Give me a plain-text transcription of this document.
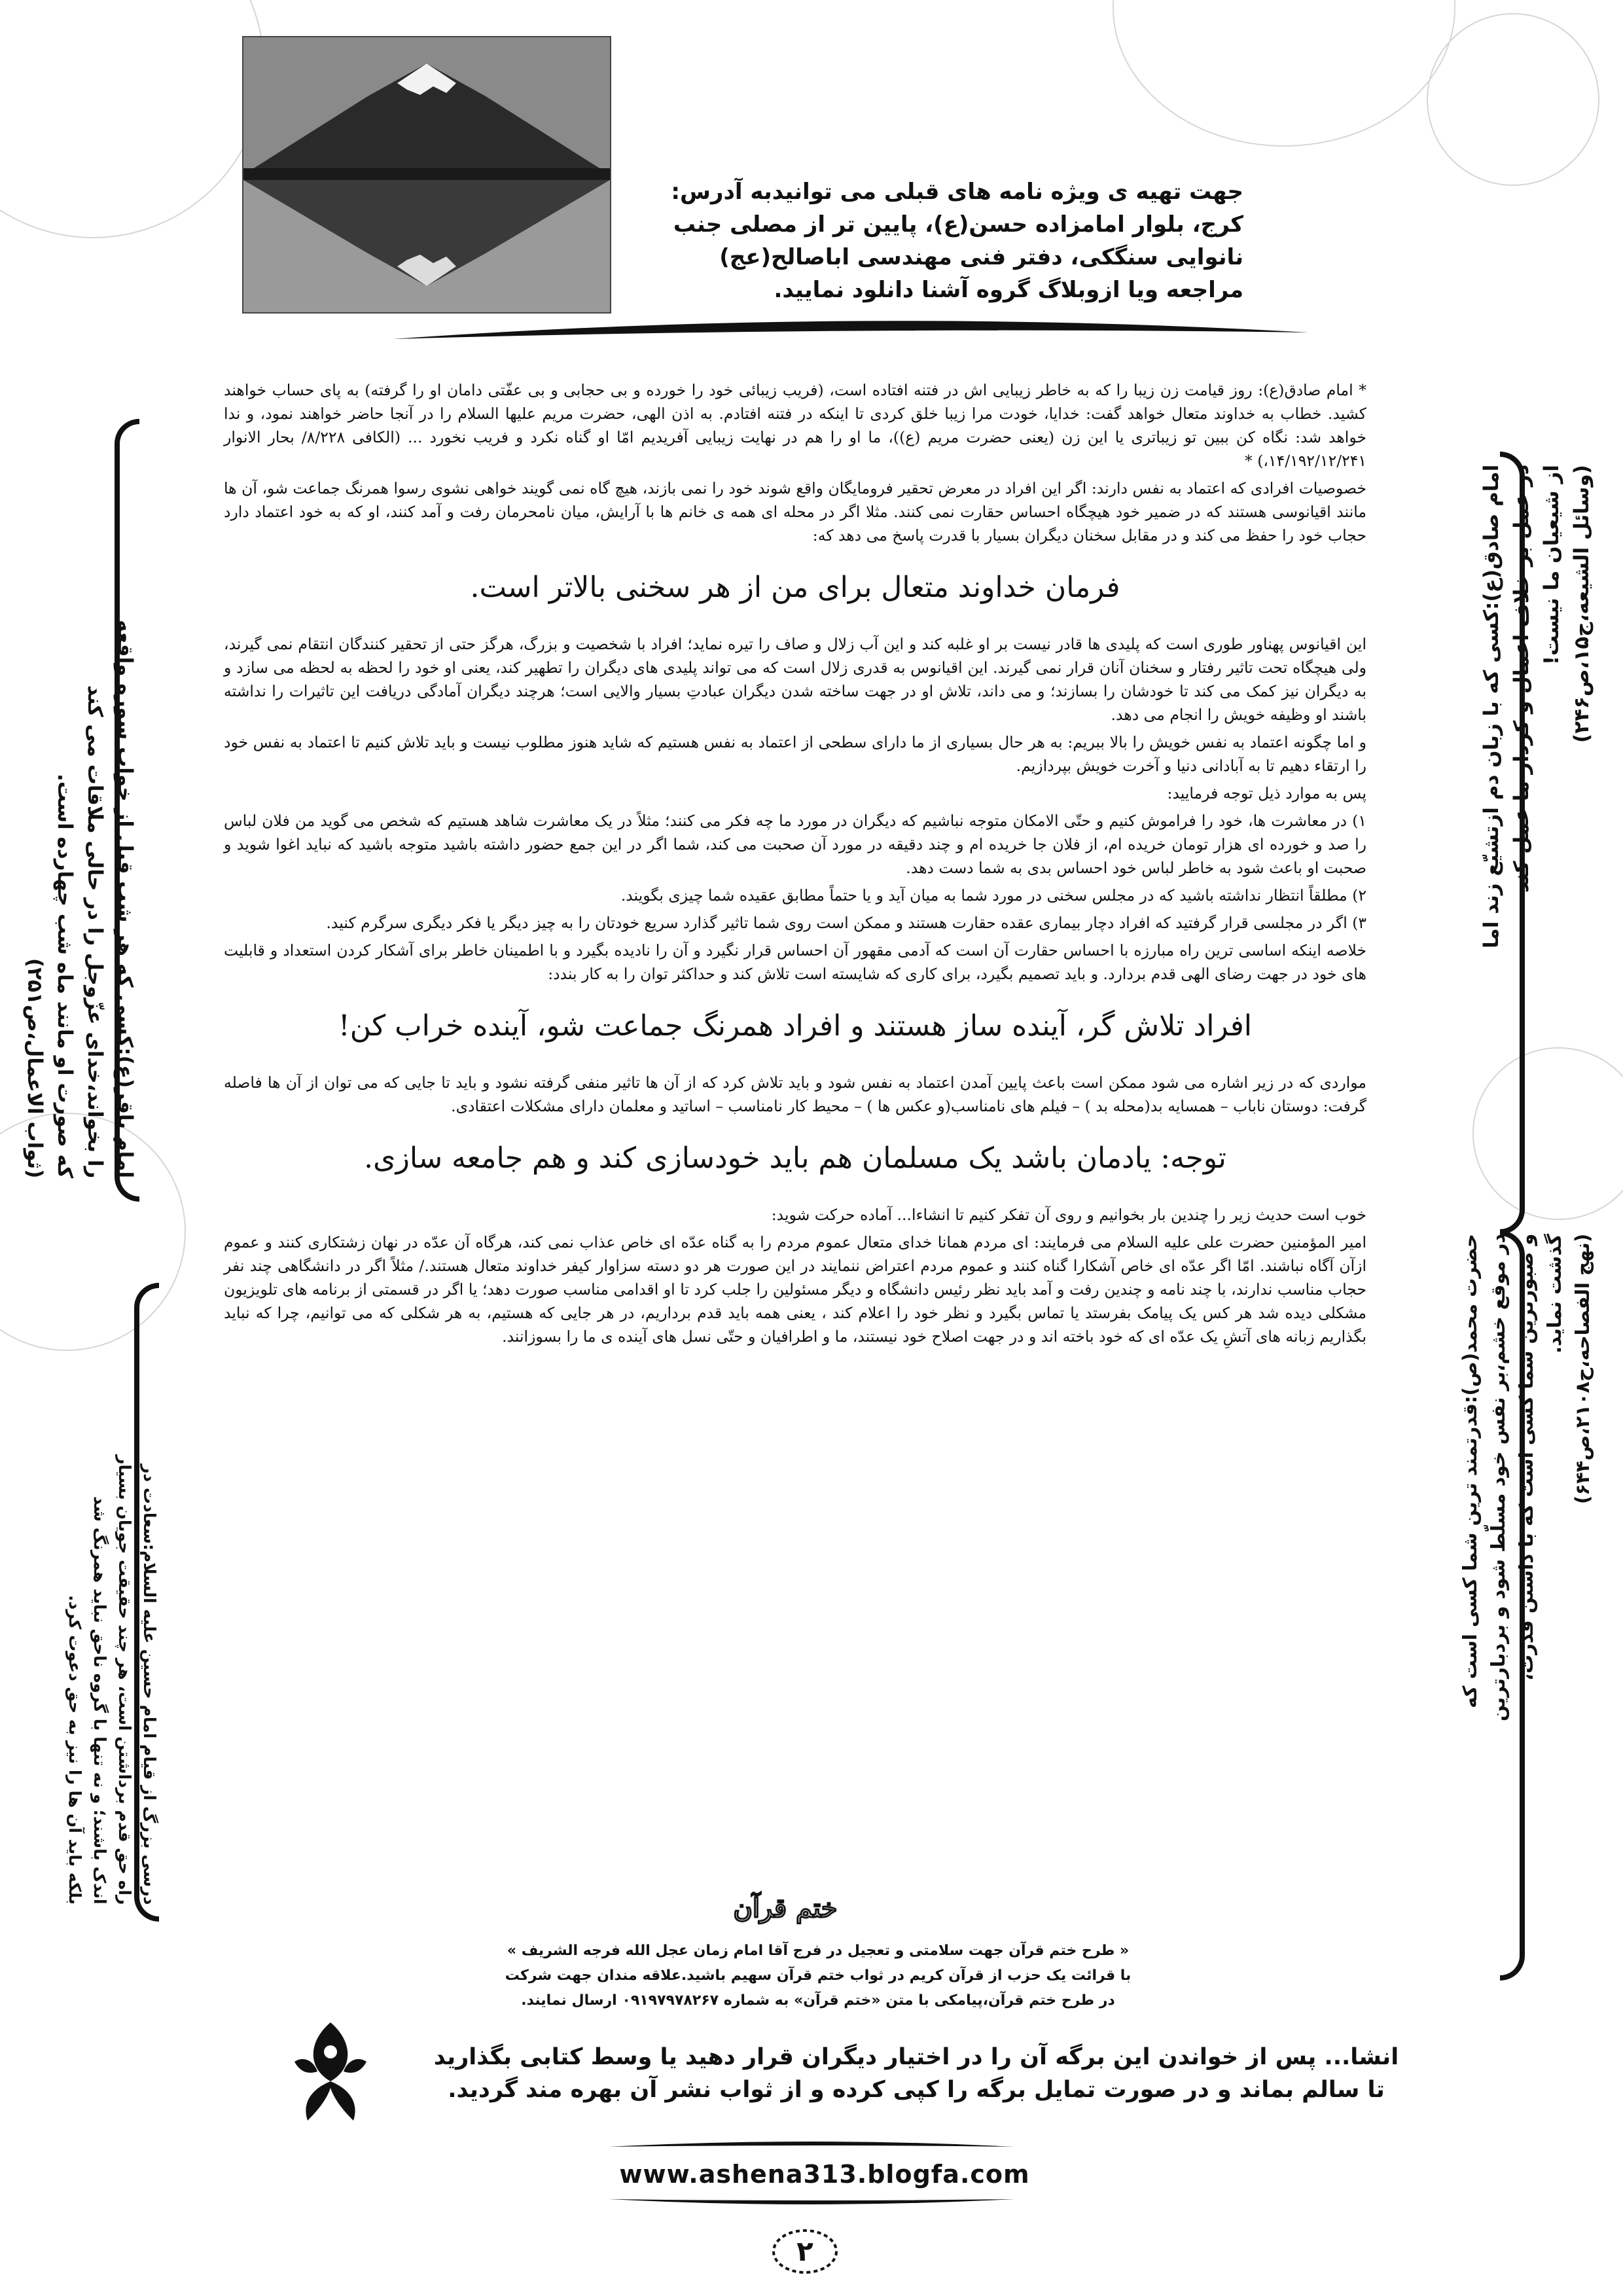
جهت تهیه ی ویژه نامه های قبلی می توانیدبه آدرس:
کرج، بلوار امامزاده حسن(ع)، پایین تر از مصلی جنب
نانوایی سنگکی، دفتر فنی مهندسی اباصالح(عج)
مراجعه ویا ازوبلاگ گروه آشنا دانلود نمایید.

* امام صادق(ع): روز قیامت زن زیبا را که به خاطر زیبایی اش در فتنه افتاده است، (فریب زیبائی خود را خورده و بی حجابی و بی عفّتی دامان او را گرفته) به پای حساب خواهند کشید. خطاب به خداوند متعال خواهد گفت: خدایا، خودت مرا زیبا خلق کردی تا اینکه در فتنه افتادم. به اذن الهی، حضرت مریم علیها السلام را در آنجا حاضر خواهند نمود، و ندا خواهد شد: نگاه کن ببین تو زیباتری یا این زن (یعنی حضرت مریم (ع))، ما او را هم در نهایت زیبایی آفریدیم امّا او گناه نکرد و فریب نخورد ... (الکافی ۸/۲۲۸/ بحار الانوار ۱۴/۱۹۲/۱۲/۲۴۱،) *

خصوصیات افرادی که اعتماد به نفس دارند: اگر این افراد در معرض تحقیر فرومایگان واقع شوند خود را نمی بازند، هیچ گاه نمی گویند خواهی نشوی رسوا همرنگ جماعت شو، آن ها مانند اقیانوسی هستند که در ضمیر خود هیچگاه احساس حقارت نمی کنند. مثلا اگر در محله ای همه ی خانم ها با آرایش، میان نامحرمان رفت و آمد کنند، او که به خود اعتماد دارد حجاب خود را حفظ می کند و در مقابل سخنان دیگران بسیار با قدرت پاسخ می دهد که:

فرمان خداوند متعال برای من از هر سخنی بالاتر است.

این اقیانوس پهناور طوری است که پلیدی ها قادر نیست بر او غلبه کند و این آب زلال و صاف را تیره نماید؛ افراد با شخصیت و بزرگ، هرگز حتی از تحقیر کنندگان انتقام نمی گیرند، ولی هیچگاه تحت تاثیر رفتار و سخنان آنان قرار نمی گیرند. این اقیانوس به قدری زلال است که می تواند پلیدی های دیگران را تطهیر کند، یعنی او خود را لحظه به لحظه می سازد و به دیگران نیز کمک می کند تا خودشان را بسازند؛ و می داند، تلاش او در جهت ساخته شدن دیگران عبادتِ بسیار والایی است؛ هرچند دیگران آمادگی دریافت این تاثیرات را نداشته باشند او وظیفه خویش را انجام می دهد.

و اما چگونه اعتماد به نفس خویش را بالا ببریم: به هر حال بسیاری از ما دارای سطحی از اعتماد به نفس هستیم که شاید هنوز مطلوب نیست و باید تلاش کنیم تا اعتماد به نفس خود را ارتقاء دهیم تا به آبادانی دنیا و آخرت خویش بپردازیم.

پس به موارد ذیل توجه فرمایید:

۱) در معاشرت ها، خود را فراموش کنیم و حتّی الامکان متوجه نباشیم که دیگران در مورد ما چه فکر می کنند؛ مثلاً در یک معاشرت شاهد هستیم که شخص می گوید من فلان لباس را صد و خورده ای هزار تومان خریده ام، از فلان جا خریده ام و چند دقیقه در مورد آن صحبت می کند، شما اگر در این جمع حضور داشته باشید متوجه باشید که نباید اغوا شوید و صحبت او باعث شود به خاطر لباس خود احساس بدی به شما دست دهد.

۲) مطلقاً انتظار نداشته باشید که در مجلس سخنی در مورد شما به میان آید و یا حتماً مطابق عقیده شما چیزی بگویند.

۳) اگر در مجلسی قرار گرفتید که افراد دچار بیماری عقده حقارت هستند و ممکن است روی شما تاثیر گذارد سریع خودتان را به چیز دیگر یا فکر دیگری سرگرم کنید.

خلاصه اینکه اساسی ترین راه مبارزه با احساس حقارت آن است که آدمی مقهور آن احساس قرار نگیرد و آن را نادیده بگیرد و با اطمینان خاطر برای آشکار کردن استعداد و قابلیت های خود در جهت رضای الهی قدم بردارد. و باید تصمیم بگیرد، برای کاری که شایسته است تلاش کند و حداکثر توان را به کار بندد:

افراد تلاش گر، آینده ساز هستند و افراد همرنگ جماعت شو، آینده خراب کن!

مواردی که در زیر اشاره می شود ممکن است باعث پایین آمدن اعتماد به نفس شود و باید تلاش کرد که از آن ها تاثیر منفی گرفته نشود و باید تا جایی که می توان از آن ها فاصله گرفت: دوستان ناباب – همسایه بد(محله بد ) – فیلم های نامناسب(و عکس ها ) – محیط کار نامناسب – اساتید و معلمان دارای مشکلات اعتقادی.

توجه: یادمان باشد یک مسلمان هم باید خودسازی کند و هم جامعه سازی.

خوب است حدیث زیر را چندین بار بخوانیم و روی آن تفکر کنیم تا انشاءا... آماده حرکت شوید:

امیر المؤمنین حضرت علی علیه السلام می فرمایند: ای مردم همانا خدای متعال عموم مردم را به گناه عدّه ای خاص عذاب نمی کند، هرگاه آن عدّه در نهان زشتکاری کنند و عموم ازآن آگاه نباشند. امّا اگر عدّه ای خاص آشکارا گناه کنند و عموم مردم اعتراض ننمایند در این صورت هر دو دسته سزاوار کیفر خداوند متعال هستند./ مثلاً اگر در دانشگاهی چند نفر حجاب مناسب ندارند، با چند نامه و چندین رفت و آمد باید نظر رئیس دانشگاه و دیگر مسئولین را جلب کرد تا او اقدامی مناسب صورت دهد؛ یا اگر در قسمتی از برنامه های تلویزیون مشکلی دیده شد هر کس یک پیامک بفرستد یا تماس بگیرد و نظر خود را اعلام کند ، یعنی همه باید قدم برداریم، در هر جایی که هستیم، به هر شکلی که می توانیم، چرا که نباید بگذاریم زبانه های آتشِ یک عدّه ای که خود باخته اند و در جهت اصلاح خود نیستند، ما و اطرافیان و حتّی نسل های آینده ی ما را بسوزانند.

امام صادق(ع):کسی که با زبان دم ازتشیّع زند اما در عمل بر خلاف اعمال و کردار ما عمل کند از شیعیان ما نیست!
(وسائل الشیعه،ج۱۵،ص۲۴۶)
امام باقر(ع):کسی که هر شب قبل از خواب سوره واقعه
را بخواند،خدای عزّوجل را در حالی ملاقات می کند
که صورت او مانند ماه شب چهارده است.
(ثواب الاعمال،ص۲۵۱)
حضرت محمد(ص):قدرتمند ترین شما کسی است که در موقع خشم،بر نفس خود مسلّط شود و بردبارترین و صبورترین شما کسی است که با داشتن قدرت، گذشت نماید.
(نهج الفصاحه،ح۲۱۰۸،ص۶۴۴)
درسی بزرگ از قیام امام حسین علیه السلام:سعادت در
راه حق قدم برداشتن است، هر چند حقیقت جویان بسیار
اندک باشند؛ و نه تنها با گروه ناحق نباید همرنگ شد
بلکه باید آن ها را نیز به حق دعوت کرد.
ختم قرآن
« طرح ختم قرآن جهت سلامتی و تعجیل در فرج آقا امام زمان عجل الله فرجه الشریف »
با قرائت یک حزب از قرآن کریم در ثواب ختم قرآن سهیم باشید.علاقه مندان جهت شرکت
در طرح ختم قرآن،پیامکی با متن «ختم قرآن» به شماره ۰۹۱۹۷۹۷۸۲۶۷ ارسال نمایند.
انشا... پس از خواندن این برگه آن را در اختیار دیگران قرار دهید یا وسط کتابی بگذارید
تا سالم بماند و در صورت تمایل برگه را کپی کرده و از ثواب نشر آن بهره مند گردید.
www.ashena313.blogfa.com
۲
